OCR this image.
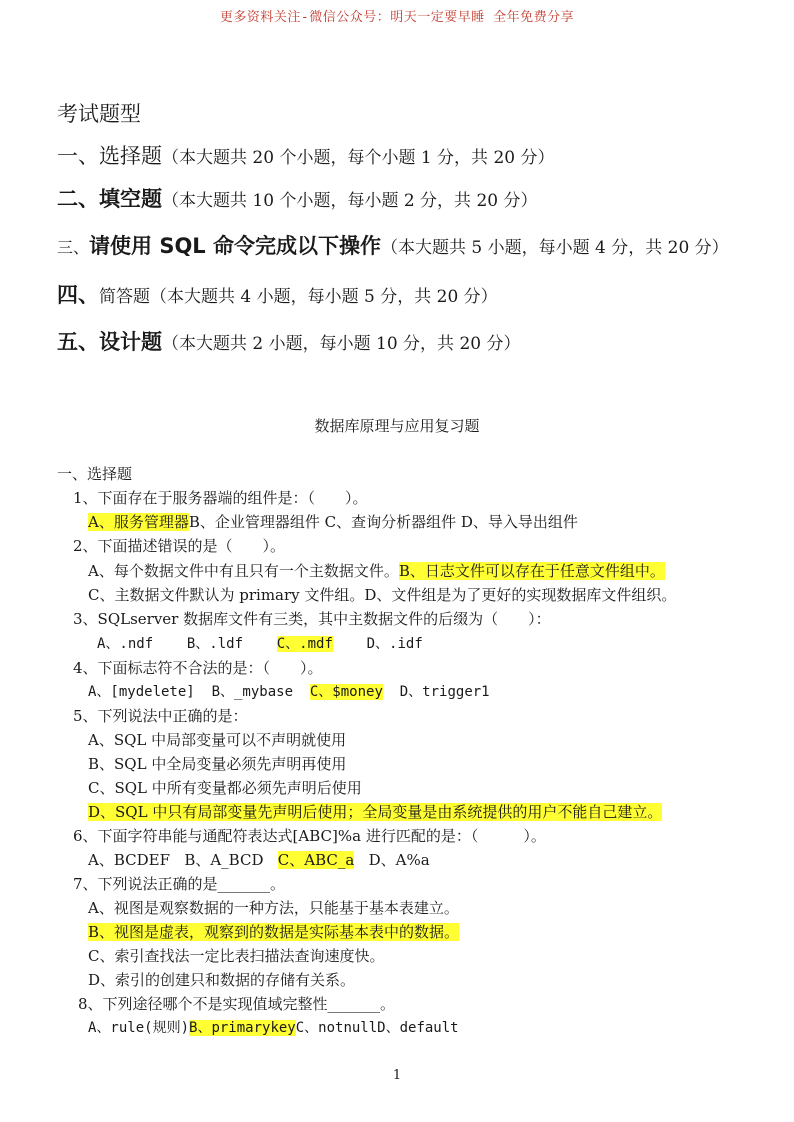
更多资料关注-微信公众号：明天一定要早睡 全年免费分享
考试题型
一、选择题（本大题共 20 个小题，每个小题 1 分，共 20 分）
二、填空题（本大题共 10 个小题，每小题 2 分，共 20 分）
三、请使用 SQL 命令完成以下操作（本大题共 5 小题，每小题 4 分，共 20 分）
四、简答题（本大题共 4 小题，每小题 5 分，共 20 分）
五、设计题（本大题共 2 小题，每小题 10 分，共 20 分）
数据库原理与应用复习题
一、选择题
1、下面存在于服务器端的组件是：（　　）。
A、服务管理器B、企业管理器组件 C、查询分析器组件 D、导入导出组件
2、下面描述错误的是（　　）。
A、每个数据文件中有且只有一个主数据文件。B、日志文件可以存在于任意文件组中。
C、主数据文件默认为 primary 文件组。D、文件组是为了更好的实现数据库文件组织。
3、SQLserver 数据库文件有三类，其中主数据文件的后缀为（　　）：
A、.ndf B、.ldf C、.mdf D、.idf
4、下面标志符不合法的是：（　　）。
A、[mydelete] B、_mybase C、$money D、trigger1
5、下列说法中正确的是：
A、SQL 中局部变量可以不声明就使用
B、SQL 中全局变量必须先声明再使用
C、SQL 中所有变量都必须先声明后使用
D、SQL 中只有局部变量先声明后使用；全局变量是由系统提供的用户不能自己建立。
6、下面字符串能与通配符表达式[ABC]%a 进行匹配的是：（　　　）。
A、BCDEF B、A_BCD C、ABC_a D、A%a
7、下列说法正确的是_______。
A、视图是观察数据的一种方法，只能基于基本表建立。
B、视图是虚表，观察到的数据是实际基本表中的数据。
C、索引查找法一定比表扫描法查询速度快。
D、索引的创建只和数据的存储有关系。
8、下列途径哪个不是实现值域完整性_______。
A、rule(规则)B、primarykeyC、notnullD、default
1
